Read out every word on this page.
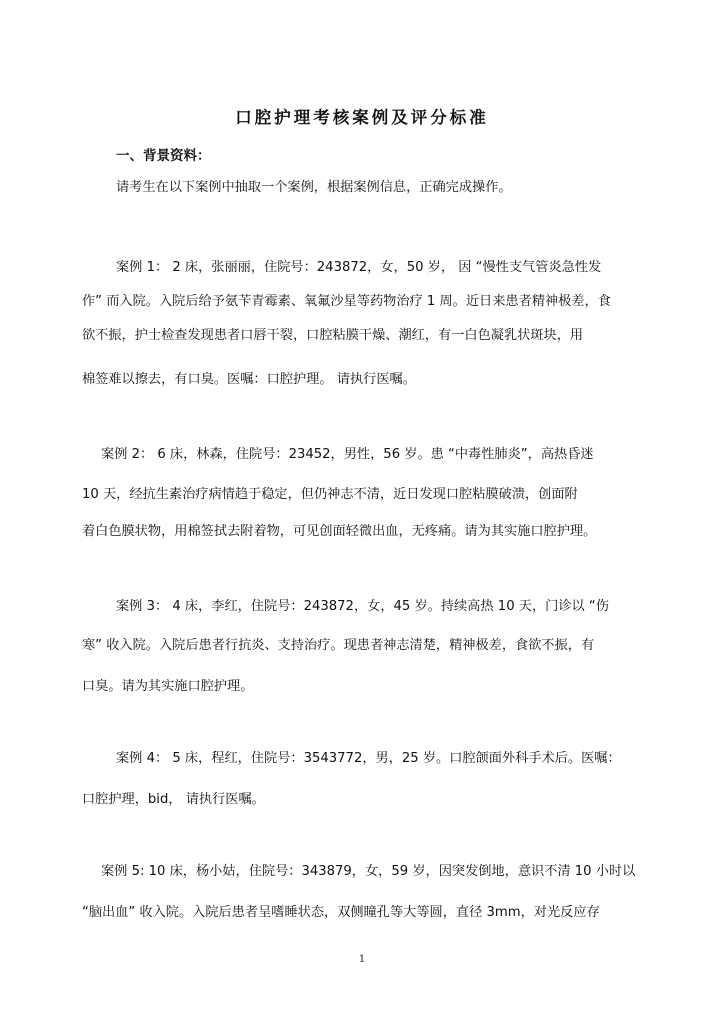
口腔护理考核案例及评分标准
一、背景资料：
请考生在以下案例中抽取一个案例，根据案例信息，正确完成操作。
案例 1： 2 床，张丽丽，住院号：243872，女，50 岁， 因 “慢性支气管炎急性发
作” 而入院。入院后给予氨苄青霉素、氧氟沙星等药物治疗 1 周。近日来患者精神极差，食
欲不振，护士检查发现患者口唇干裂，口腔粘膜干燥、潮红，有一白色凝乳状斑块，用
棉签难以擦去，有口臭。医嘱：口腔护理。 请执行医嘱。
案例 2： 6 床，林森，住院号：23452，男性，56 岁。患 “中毒性肺炎”，高热昏迷
10 天，经抗生素治疗病情趋于稳定，但仍神志不清，近日发现口腔粘膜破溃，创面附
着白色膜状物，用棉签拭去附着物，可见创面轻微出血，无疼痛。请为其实施口腔护理。
案例 3： 4 床，李红，住院号：243872，女，45 岁。持续高热 10 天，门诊以 “伤
寒” 收入院。入院后患者行抗炎、支持治疗。现患者神志清楚，精神极差，食欲不振，有
口臭。请为其实施口腔护理。
案例 4： 5 床，程红，住院号：3543772，男，25 岁。口腔颌面外科手术后。医嘱：
口腔护理，bid， 请执行医嘱。
案例 5: 10 床，杨小姑，住院号：343879，女，59 岁，因突发倒地，意识不清 10 小时以
“脑出血” 收入院。入院后患者呈嗜睡状态，双侧瞳孔等大等圆，直径 3mm，对光反应存
1
